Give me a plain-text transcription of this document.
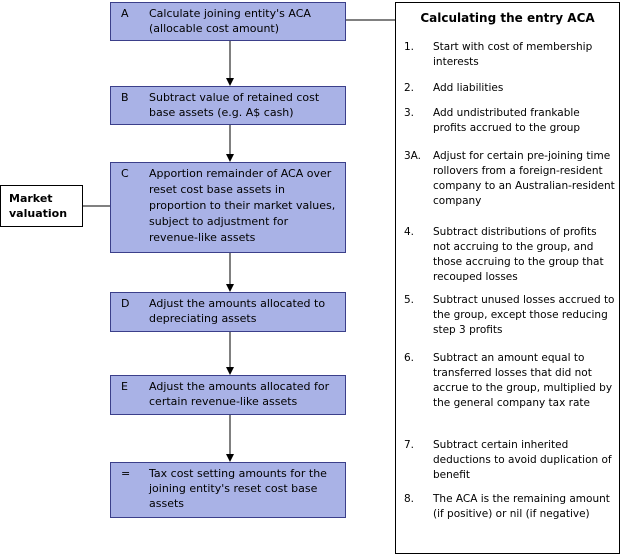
A Calculate joining entity's ACA (allocable cost amount)
B Subtract value of retained cost base assets (e.g. A$ cash)
C Apportion remainder of ACA over reset cost base assets in proportion to their market values, subject to adjustment for revenue-like assets
D Adjust the amounts allocated to depreciating assets
E Adjust the amounts allocated for certain revenue-like assets
= Tax cost setting amounts for the joining entity's reset cost base assets
Market valuation
Calculating the entry ACA
1. Start with cost of membership interests
2. Add liabilities
3. Add undistributed frankable profits accrued to the group
3A. Adjust for certain pre-joining time rollovers from a foreign-resident company to an Australian-resident company
4. Subtract distributions of profits not accruing to the group, and those accruing to the group that recouped losses
5. Subtract unused losses accrued to the group, except those reducing step 3 profits
6. Subtract an amount equal to transferred losses that did not accrue to the group, multiplied by the general company tax rate
7. Subtract certain inherited deductions to avoid duplication of benefit
8. The ACA is the remaining amount (if positive) or nil (if negative)
